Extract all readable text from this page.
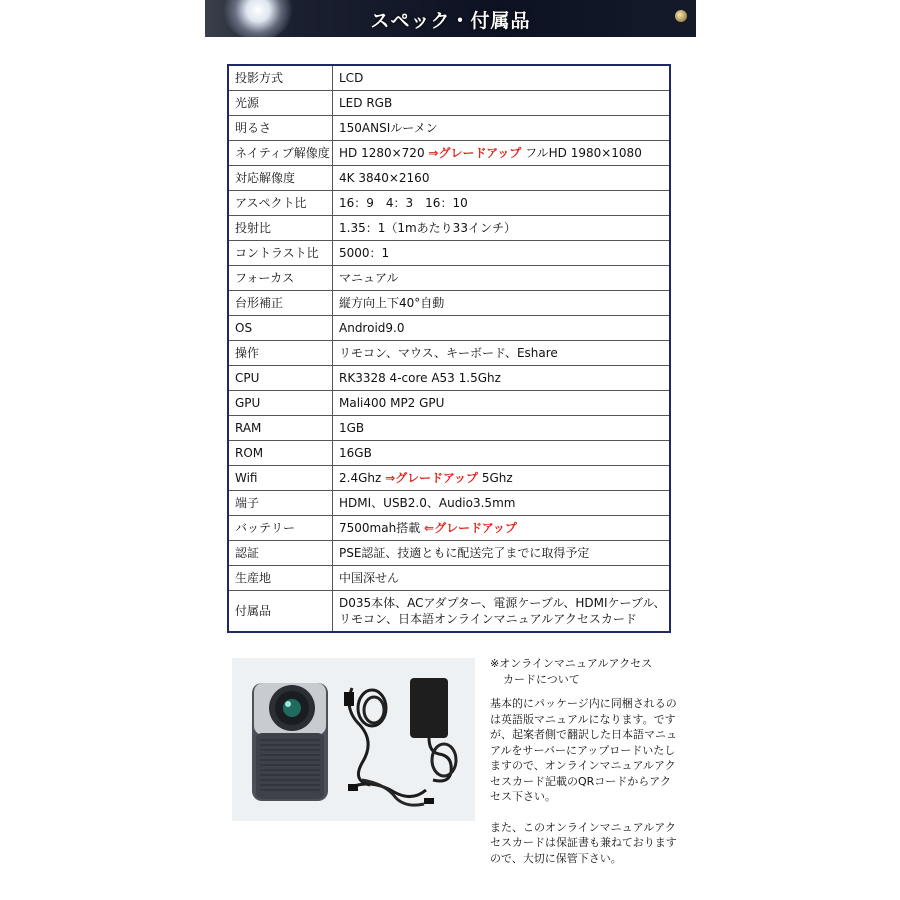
スペック・付属品
投影方式	LCD
光源	LED RGB
明るさ	150ANSIルーメン
ネイティブ解像度	HD 1280×720 ⇒グレードアップ フルHD 1980×1080
対応解像度	4K 3840×2160
アスペクト比	16：9　4：3　16：10
投射比	1.35：1（1mあたり33インチ）
コントラスト比	5000：1
フォーカス	マニュアル
台形補正	縦方向上下40°自動
OS	Android9.0
操作	リモコン、マウス、キーボード、Eshare
CPU	RK3328 4-core A53 1.5Ghz
GPU	Mali400 MP2 GPU
RAM	1GB
ROM	16GB
Wifi	2.4Ghz ⇒グレードアップ 5Ghz
端子	HDMI、USB2.0、Audio3.5mm
バッテリー	7500mah搭載 ⇐グレードアップ
認証	PSE認証、技適ともに配送完了までに取得予定
生産地	中国深せん
付属品	D035本体、ACアダプター、電源ケーブル、HDMIケーブル、
リモコン、日本語オンラインマニュアルアクセスカード

※オンラインマニュアルアクセス

カードについて

基本的にパッケージ内に同梱されるのは英語版マニュアルになります。ですが、起案者側で翻訳した日本語マニュアルをサーバーにアップロードいたしますので、オンラインマニュアルアクセスカード記載のQRコードからアクセス下さい。

また、このオンラインマニュアルアクセスカードは保証書も兼ねておりますので、大切に保管下さい。
